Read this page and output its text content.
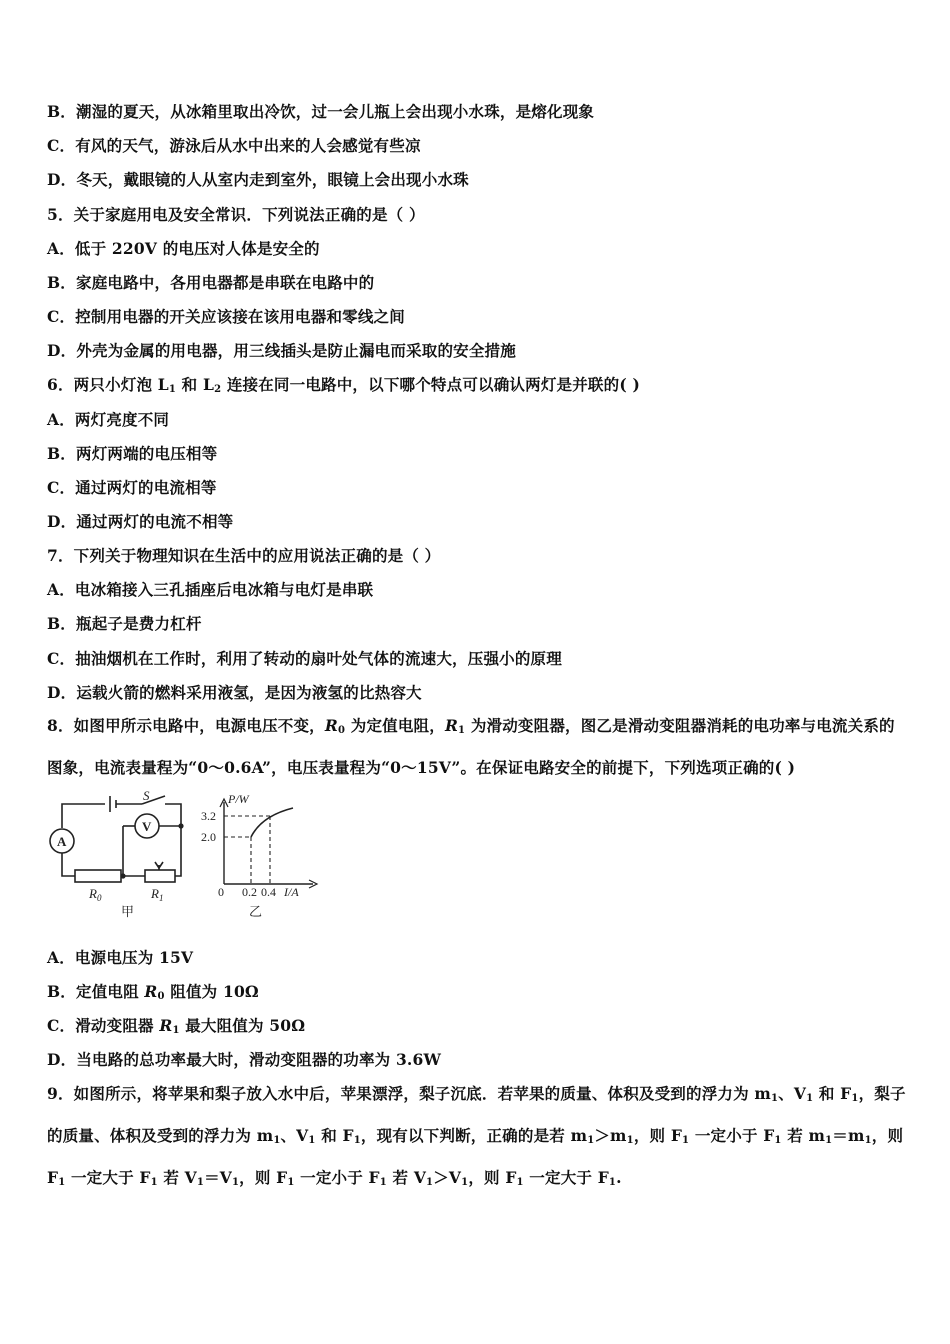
B．潮湿的夏天，从冰箱里取出冷饮，过一会儿瓶上会出现小水珠，是熔化现象
C．有风的天气，游泳后从水中出来的人会感觉有些凉
D．冬天，戴眼镜的人从室内走到室外，眼镜上会出现小水珠
5．关于家庭用电及安全常识．下列说法正确的是（ ）
A．低于 220V 的电压对人体是安全的
B．家庭电路中，各用电器都是串联在电路中的
C．控制用电器的开关应该接在该用电器和零线之间
D．外壳为金属的用电器，用三线插头是防止漏电而采取的安全措施
6．两只小灯泡 $L_1$ 和 $L_2$ 连接在同一电路中，以下哪个特点可以确认两灯是并联的( )
A．两灯亮度不同
B．两灯两端的电压相等
C．通过两灯的电流相等
D．通过两灯的电流不相等
7．下列关于物理知识在生活中的应用说法正确的是（ ）
A．电冰箱接入三孔插座后电冰箱与电灯是串联
B．瓶起子是费力杠杆
C．抽油烟机在工作时，利用了转动的扇叶处气体的流速大，压强小的原理
D．运载火箭的燃料采用液氢，是因为液氢的比热容大
8．如图甲所示电路中，电源电压不变，$R_0$ 为定值电阻，$R_1$ 为滑动变阻器，图乙是滑动变阻器消耗的电功率与电流关系的图象，电流表量程为“0～0.6A”，电压表量程为“0～15V”。在保证电路安全的前提下，下列选项正确的( )
S
A
V
$R_0$	$R_1$
甲
P/W
3.2
2.0
0 0.2 0.4 I/A
乙
A．电源电压为 15V
B．定值电阻 $R_0$ 阻值为 10Ω
C．滑动变阻器 $R_1$ 最大阻值为 50Ω
D．当电路的总功率最大时，滑动变阻器的功率为 3.6W
9．如图所示，将苹果和梨子放入水中后，苹果漂浮，梨子沉底．若苹果的质量、体积及受到的浮力为 $m_1$、$V_1$ 和 $F_1$，梨子的质量、体积及受到的浮力为 $m_1$、$V_1$ 和 $F_1$，现有以下判断，正确的是若 $m_1>m_1$，则 $F_1$ 一定小于 $F_1$ 若 $m_1=m_1$，则 $F_1$ 一定大于 $F_1$ 若 $V_1=V_1$，则 $F_1$ 一定小于 $F_1$ 若 $V_1>V_1$，则 $F_1$ 一定大于 $F_1$.
